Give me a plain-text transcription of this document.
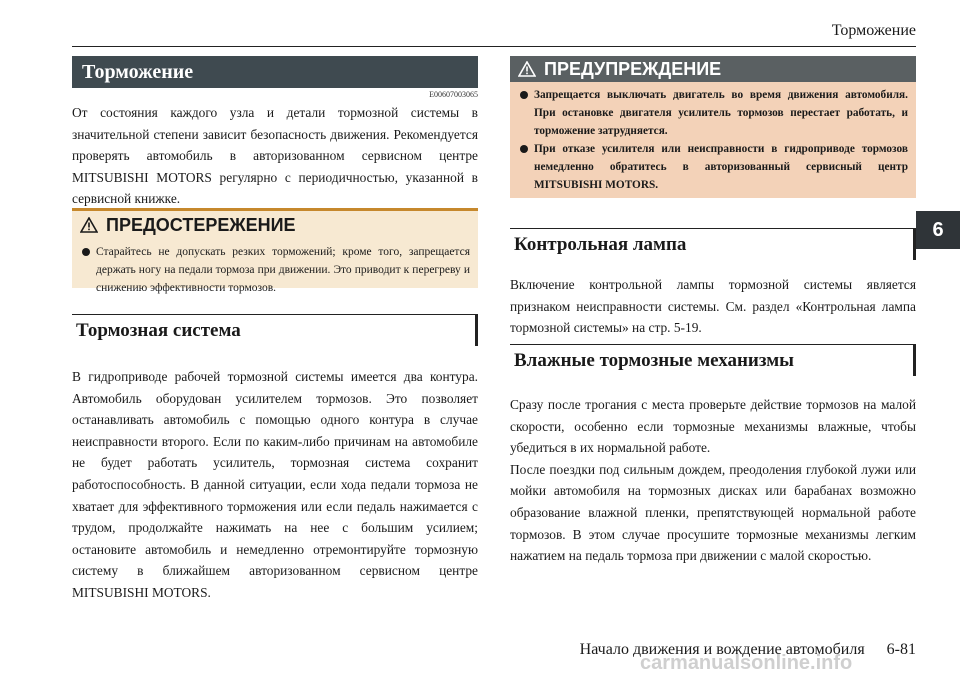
Торможение
6
Торможение
E00607003065

От состояния каждого узла и детали тормозной системы в значительной степени зависит безопасность движения. Рекомендуется проверять автомобиль в авторизованном сервисном центре MITSUBISHI MOTORS регулярно с периодичностью, указанной в сервисной книжке.

ПРЕДОСТЕРЕЖЕНИЕ
Старайтесь не допускать резких торможений; кроме того, запрещается держать ногу на педали тормоза при движении. Это приводит к перегреву и снижению эффективности тормозов.
Тормозная система

В гидроприводе рабочей тормозной системы имеется два контура. Автомобиль оборудован усилителем тормозов. Это позволяет останавливать автомобиль с помощью одного контура в случае неисправности второго. Если по каким-либо причинам на автомобиле не будет работать усилитель, тормозная система сохранит работоспособность. В данной ситуации, если хода педали тормоза не хватает для эффективного торможения или если педаль нажимается с трудом, продолжайте нажимать на нее с большим усилием; остановите автомобиль и немедленно отремонтируйте тормозную систему в ближайшем авторизованном сервисном центре MITSUBISHI MOTORS.

ПРЕДУПРЕЖДЕНИЕ
Запрещается выключать двигатель во время движения автомобиля. При остановке двигателя усилитель тормозов перестает работать, и торможение затрудняется.
При отказе усилителя или неисправности в гидроприводе тормозов немедленно обратитесь в авторизованный сервисный центр MITSUBISHI MOTORS.
Контрольная лампа

Включение контрольной лампы тормозной системы является признаком неисправности системы. См. раздел «Контрольная лампа тормозной системы» на стр. 5-19.

Влажные тормозные механизмы

Сразу после трогания с места проверьте действие тормозов на малой скорости, особенно если тормозные механизмы влажные, чтобы убедиться в их нормальной работе.

После поездки под сильным дождем, преодоления глубокой лужи или мойки автомобиля на тормозных дисках или барабанах возможно образование влажной пленки, препятствующей нормальной работе тормозов. В этом случае просушите тормозные механизмы легким нажатием на педаль тормоза при движении с малой скоростью.

Начало движения и вождение автомобиля 6-81
carmanualsonline.info
